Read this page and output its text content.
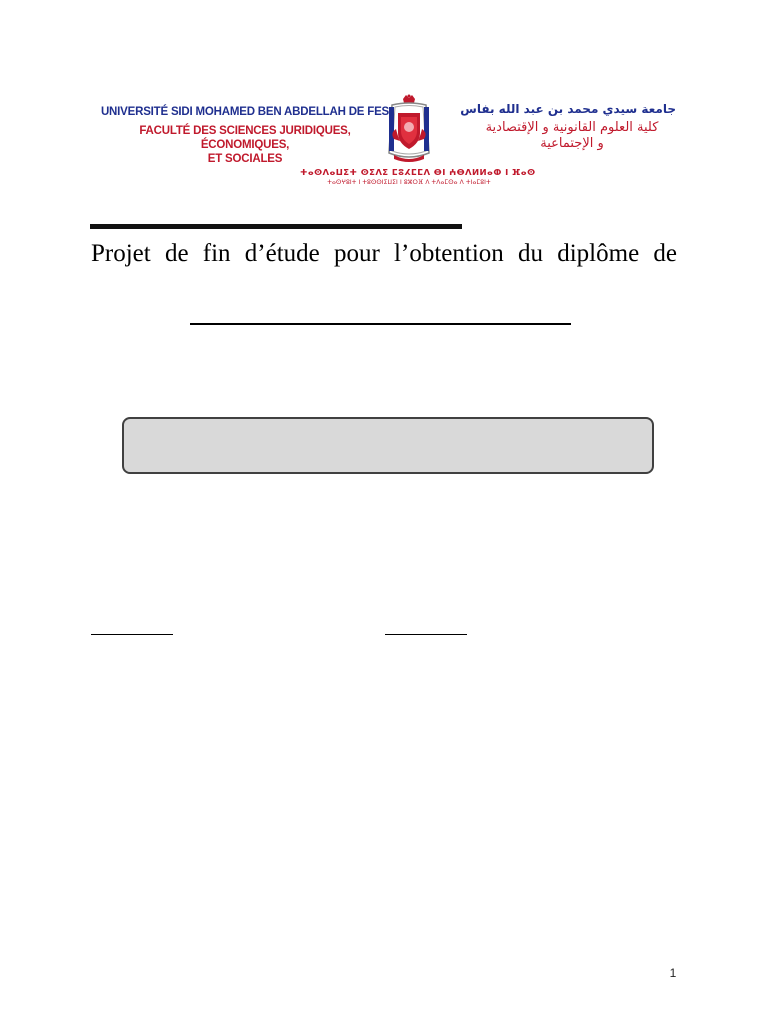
UNIVERSITÉ SIDI MOHAMED BEN ABDELLAH DE FES
FACULTÉ DES SCIENCES JURIDIQUES, ÉCONOMIQUES,
ET SOCIALES
جامعة سيدي محمد بن عبد الله بفاس
كلية العلوم القانونية و الإقتصادية
و الإجتماعية
ⵜⴰⵙⴷⴰⵡⵉⵜ ⵙⵉⴷⵉ ⵎⵓⵃⵎⵎⴷ ⴱⵏ ⵄⴱⴷⵍⵍⴰⵀ ⵏ ⴼⴰⵙ
ⵜⴰⵙⵖⵓⵏⵜ ⵏ ⵜⵓⵙⵙⵏⵉⵡⵉⵏ ⵏ ⵓⵣⵔⴼ ⴷ ⵜⴷⴰⵎⵙⴰ ⴷ ⵜⵏⴰⵎⵓⵏⵜ
Projet de fin d’étude pour l’obtention du diplôme de
1
